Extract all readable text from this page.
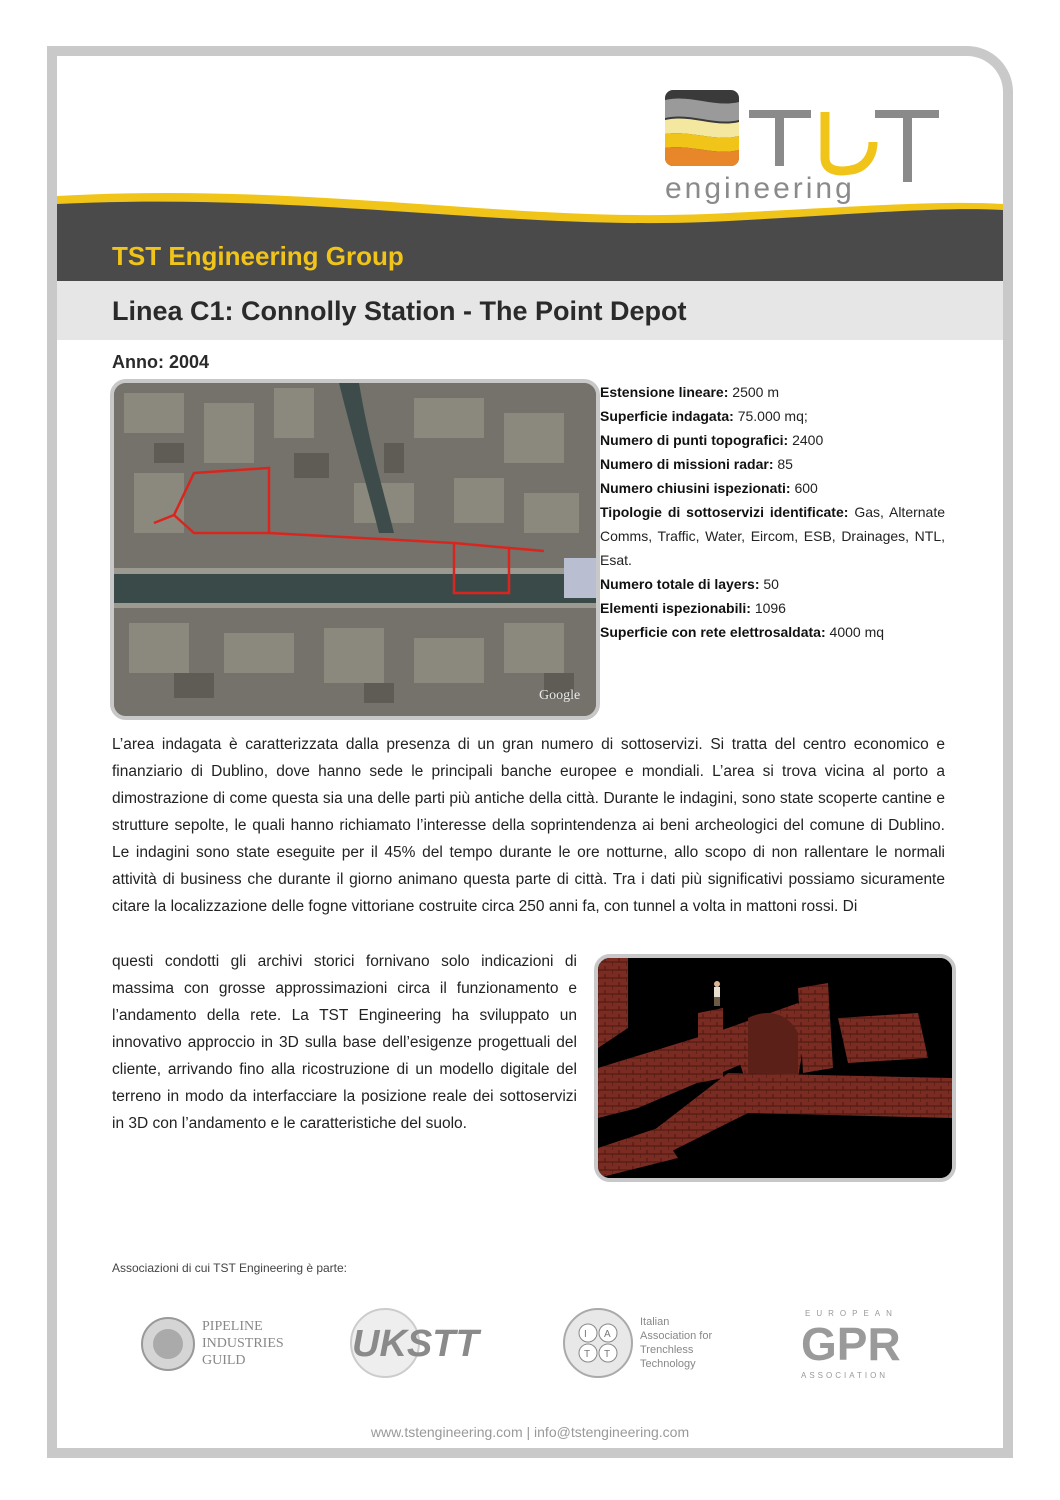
engineering
TST Engineering Group
Linea C1: Connolly Station - The Point Depot
Anno: 2004
Google
Estensione lineare: 2500 m
Superficie indagata: 75.000 mq;
Numero di punti topografici: 2400
Numero di missioni radar: 85
Numero chiusini ispezionati: 600
Tipologie di sottoservizi identificate: Gas, Alternate Comms, Traffic, Water, Eircom, ESB, Drainages, NTL, Esat.
Numero totale di layers: 50
Elementi ispezionabili: 1096
Superficie con rete elettrosaldata: 4000 mq
L’area indagata è caratterizzata dalla presenza di un gran numero di sottoservizi. Si tratta del centro economico e finanziario di Dublino, dove hanno sede le principali banche europee e mondiali. L’area si trova vicina al porto a dimostrazione di come questa sia una delle parti più antiche della città. Durante le indagini, sono state scoperte cantine e strutture sepolte, le quali hanno richiamato l’interesse della soprintendenza ai beni archeologici del comune di Dublino. Le indagini sono state eseguite per il 45% del tempo durante le ore notturne, allo scopo di non rallentare le normali attività di business che durante il giorno animano questa parte di città. Tra i dati più significativi possiamo sicuramente citare la localizzazione delle fogne vittoriane costruite circa 250 anni fa, con tunnel a volta in mattoni rossi. Di
questi condotti gli archivi storici fornivano solo indicazioni di massima con grosse approssimazioni circa il funzionamento e l’andamento della rete. La TST Engineering ha sviluppato un innovativo approccio in 3D sulla base dell’esigenze progettuali del cliente, arrivando fino alla ricostruzione di un modello digitale del terreno in modo da interfacciare la posizione reale dei sottoservizi in 3D con l’andamento e le caratteristiche del suolo.
Associazioni di cui TST Engineering è parte:
PIPELINE
INDUSTRIES
GUILD	UKSTT	I A
T T
Italian
Association for
Trenchless
Technology
EUROPEAN
GPR
ASSOCIATION
www.tstengineering.com | info@tstengineering.com
